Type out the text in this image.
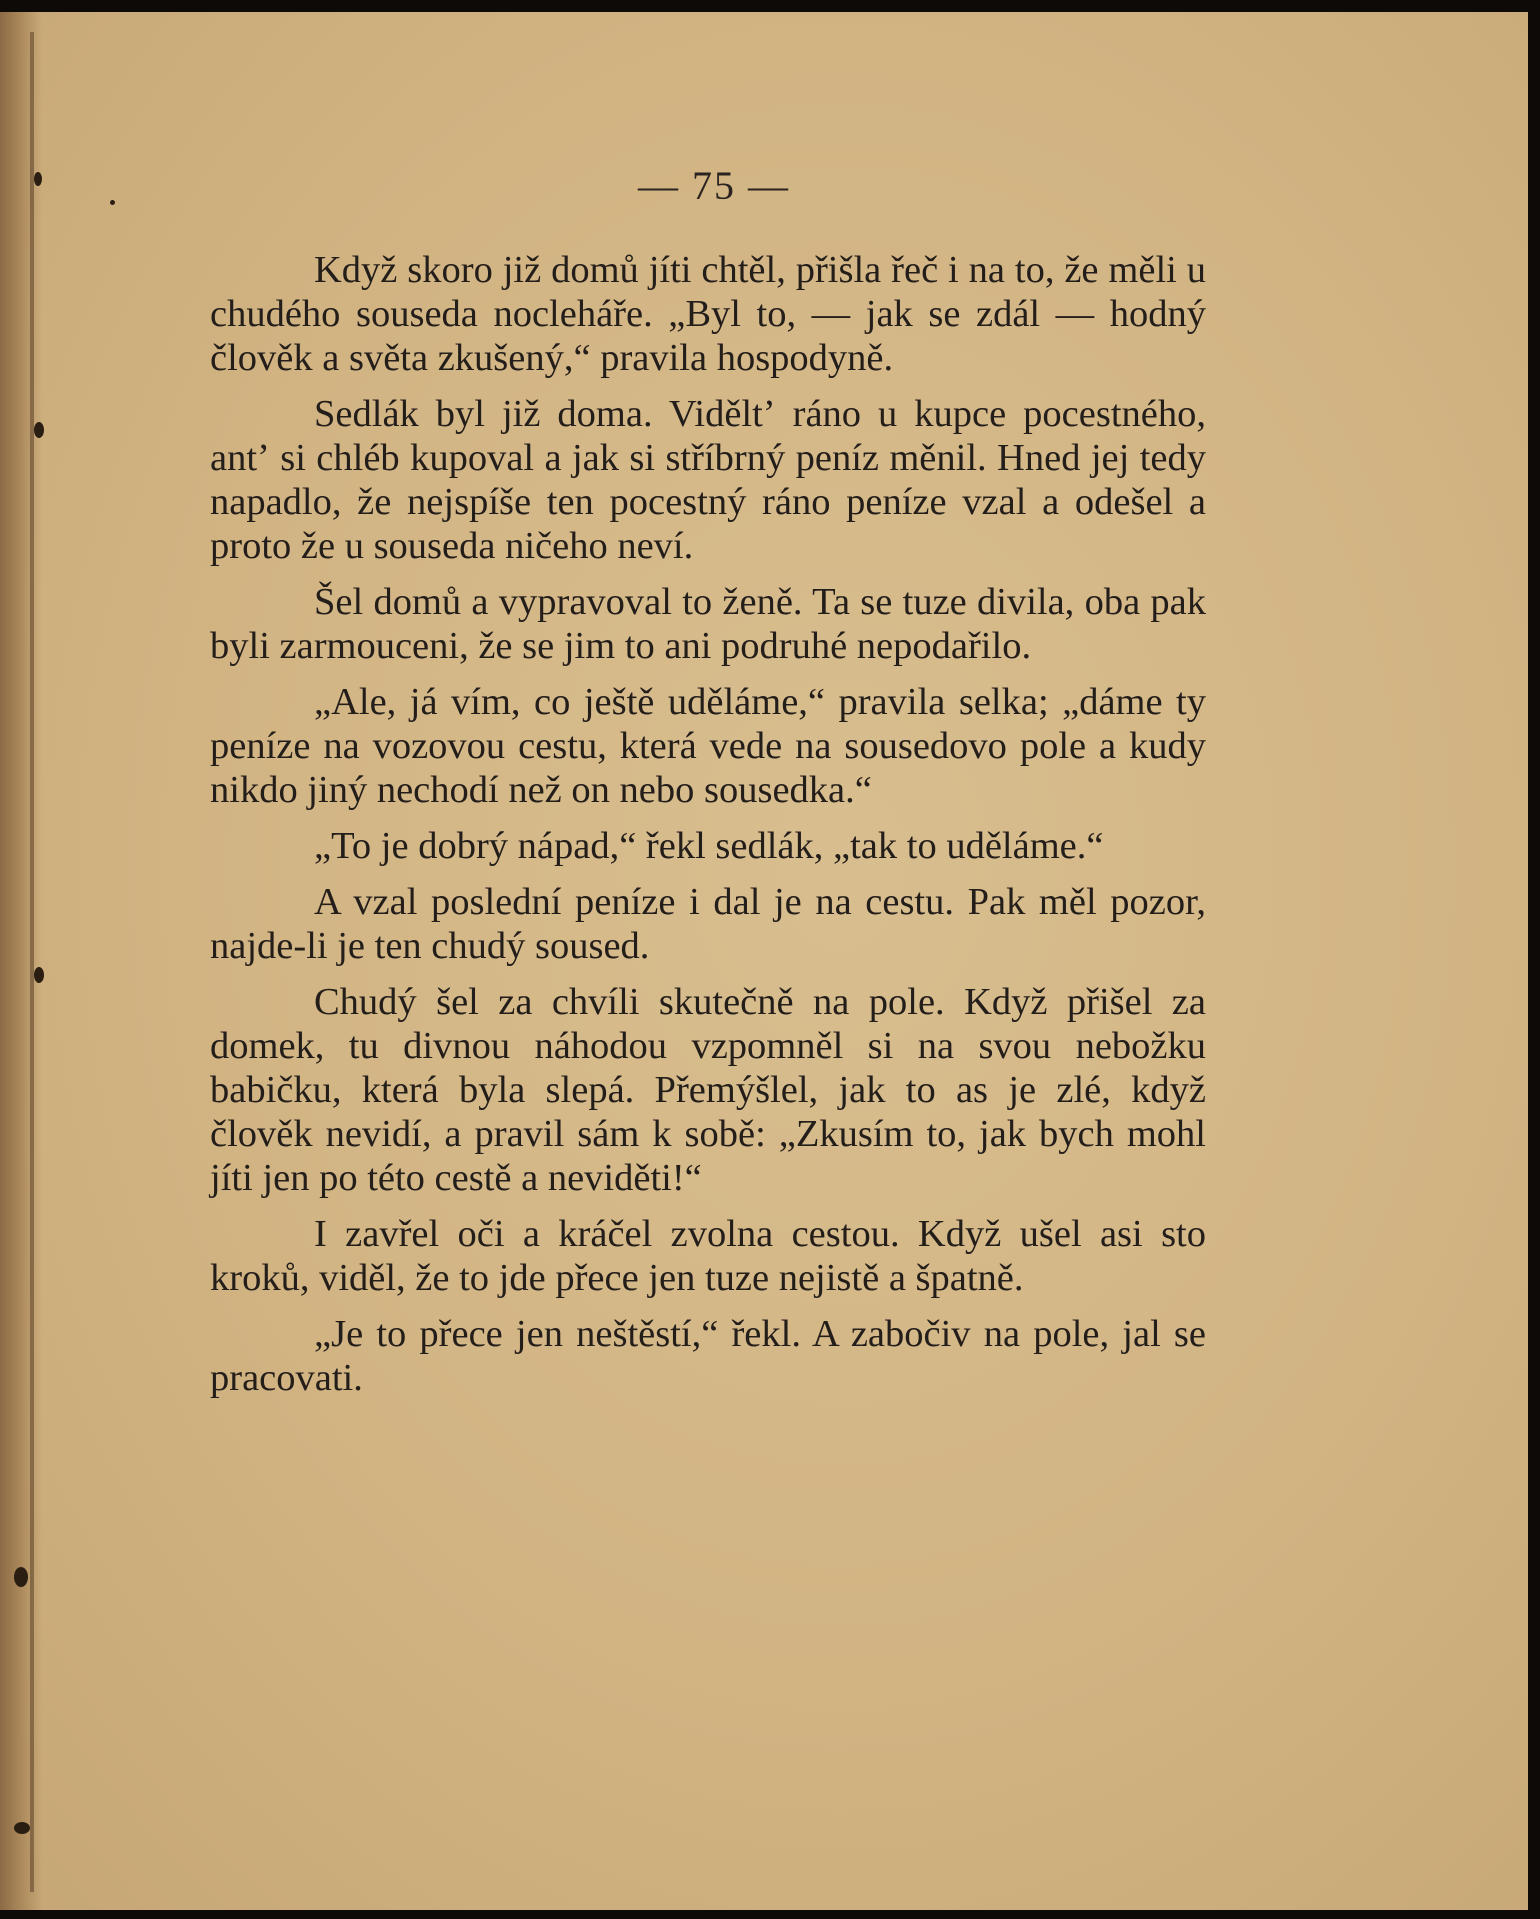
— 75 —

Když skoro již domů jíti chtěl, přišla řeč i na to, že měli u chudého souseda nocleháře. „Byl to, — jak se zdál — hodný člověk a světa zkušený,“ pravila hospodyně.

Sedlák byl již doma. Viděltʼ ráno u kupce pocestného, antʼ si chléb kupoval a jak si stříbrný peníz měnil. Hned jej tedy napadlo, že nejspíše ten pocestný ráno peníze vzal a odešel a proto že u souseda ničeho neví.

Šel domů a vypravoval to ženě. Ta se tuze divila, oba pak byli zarmouceni, že se jim to ani podruhé nepodařilo.

„Ale, já vím, co ještě uděláme,“ pravila selka; „dáme ty peníze na vozovou cestu, která vede na sousedovo pole a kudy nikdo jiný nechodí než on nebo sousedka.“

„To je dobrý nápad,“ řekl sedlák, „tak to uděláme.“

A vzal poslední peníze i dal je na cestu. Pak měl pozor, najde-li je ten chudý soused.

Chudý šel za chvíli skutečně na pole. Když přišel za domek, tu divnou náhodou vzpomněl si na svou nebožku babičku, která byla slepá. Přemýšlel, jak to as je zlé, když člověk nevidí, a pravil sám k sobě: „Zkusím to, jak bych mohl jíti jen po této cestě a neviděti!“

I zavřel oči a kráčel zvolna cestou. Když ušel asi sto kroků, viděl, že to jde přece jen tuze nejistě a špatně.

„Je to přece jen neštěstí,“ řekl. A zabočiv na pole, jal se pracovati.
